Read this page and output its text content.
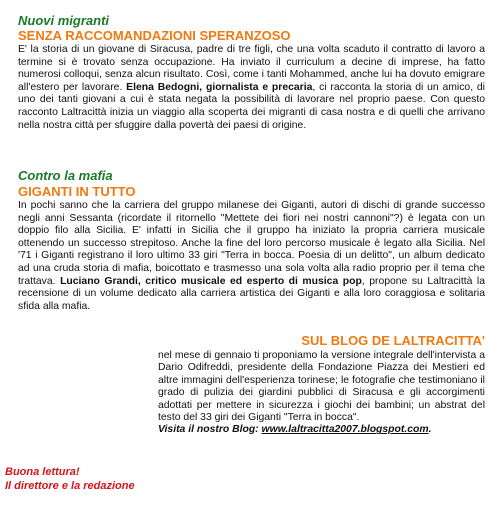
Nuovi migranti
SENZA RACCOMANDAZIONI SPERANZOSO

E' la storia di un giovane di Siracusa, padre di tre figli, che una volta scaduto il contratto di lavoro a termine si è trovato senza occupazione. Ha inviato il curriculum a decine di imprese, ha fatto numerosi colloqui, senza alcun risultato. Così, come i tanti Mohammed, anche lui ha dovuto emigrare all'estero per lavorare. Elena Bedogni, giornalista e precaria, ci racconta la storia di un amico, di uno dei tanti giovani a cui è stata negata la possibilità di lavorare nel proprio paese. Con questo racconto Laltracittà inizia un viaggio alla scoperta dei migranti di casa nostra e di quelli che arrivano nella nostra città per sfuggire dalla povertà dei paesi di origine.

Contro la mafia
GIGANTI IN TUTTO

In pochi sanno che la carriera del gruppo milanese dei Giganti, autori di dischi di grande successo negli anni Sessanta (ricordate il ritornello "Mettete dei fiori nei nostri cannoni"?) è legata con un doppio filo alla Sicilia. E' infatti in Sicilia che il gruppo ha iniziato la propria carriera musicale ottenendo un successo strepitoso. Anche la fine del loro percorso musicale è legato alla Sicilia. Nel '71 i Giganti registrano il loro ultimo 33 giri "Terra in bocca. Poesia di un delitto", un album dedicato ad una cruda storia di mafia, boicottato e trasmesso una sola volta alla radio proprio per il tema che trattava. Luciano Grandi, critico musicale ed esperto di musica pop, propone su Laltracittà la recensione di un volume dedicato alla carriera artistica dei Giganti e alla loro coraggiosa e solitaria sfida alla mafia.

SUL BLOG DE LALTRACITTA'

nel mese di gennaio ti proponiamo la versione integrale dell'intervista a Dario Odifreddi, presidente della Fondazione Piazza dei Mestieri ed altre immagini dell'esperienza torinese; le fotografie che testimoniano il grado di pulizia dei giardini pubblici di Siracusa e gli accorgimenti adottati per mettere in sicurezza i giochi dei bambini; un abstrat del testo del 33 giri dei Giganti "Terra in bocca".
Visita il nostro Blog: www.laltracitta2007.blogspot.com.

Buona lettura!
Il direttore e la redazione
